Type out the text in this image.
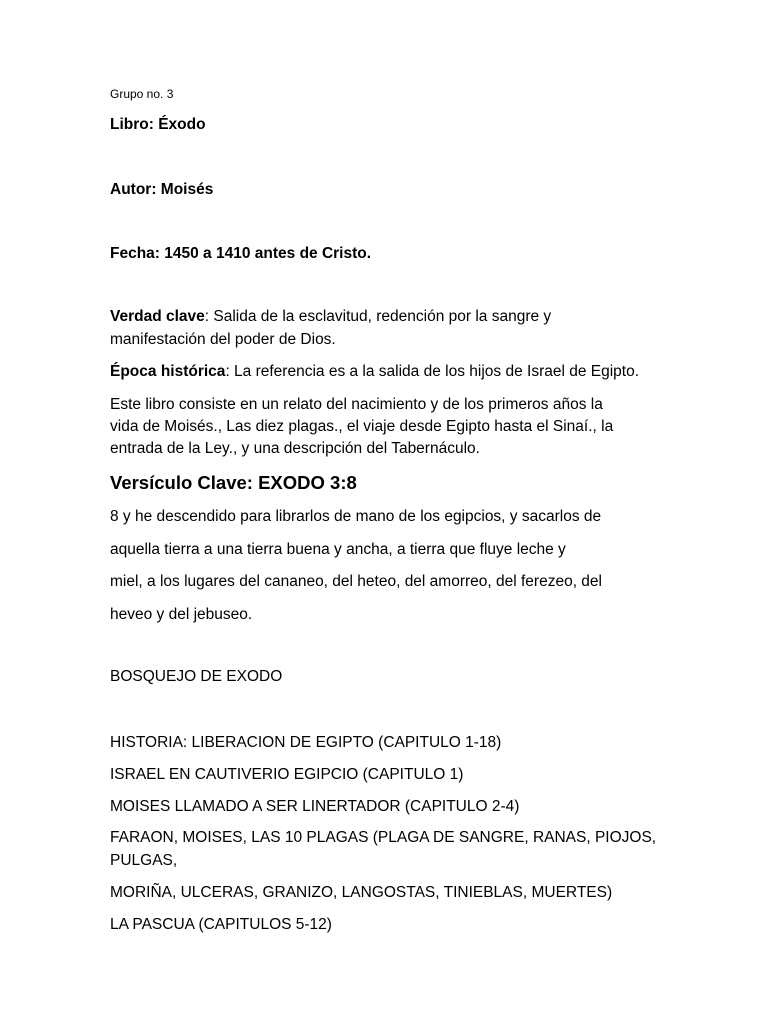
Grupo no. 3

Libro: Éxodo

Autor: Moisés

Fecha: 1450 a 1410 antes de Cristo.

Verdad clave: Salida de la esclavitud, redención por la sangre y

manifestación del poder de Dios.

Época histórica: La referencia es a la salida de los hijos de Israel de Egipto.

Este libro consiste en un relato del nacimiento y de los primeros años la

vida de Moisés., Las diez plagas., el viaje desde Egipto hasta el Sinaí., la

entrada de la Ley., y una descripción del Tabernáculo.

Versículo Clave: EXODO 3:8

8 y he descendido para librarlos de mano de los egipcios, y sacarlos de

aquella tierra a una tierra buena y ancha, a tierra que fluye leche y

miel, a los lugares del cananeo, del heteo, del amorreo, del ferezeo, del

heveo y del jebuseo.

BOSQUEJO DE EXODO

HISTORIA: LIBERACION DE EGIPTO (CAPITULO 1-18)

ISRAEL EN CAUTIVERIO EGIPCIO (CAPITULO 1)

MOISES LLAMADO A SER LINERTADOR (CAPITULO 2-4)

FARAON, MOISES, LAS 10 PLAGAS (PLAGA DE SANGRE, RANAS, PIOJOS,

PULGAS,

MORIÑA, ULCERAS, GRANIZO, LANGOSTAS, TINIEBLAS, MUERTES)

LA PASCUA (CAPITULOS 5-12)
